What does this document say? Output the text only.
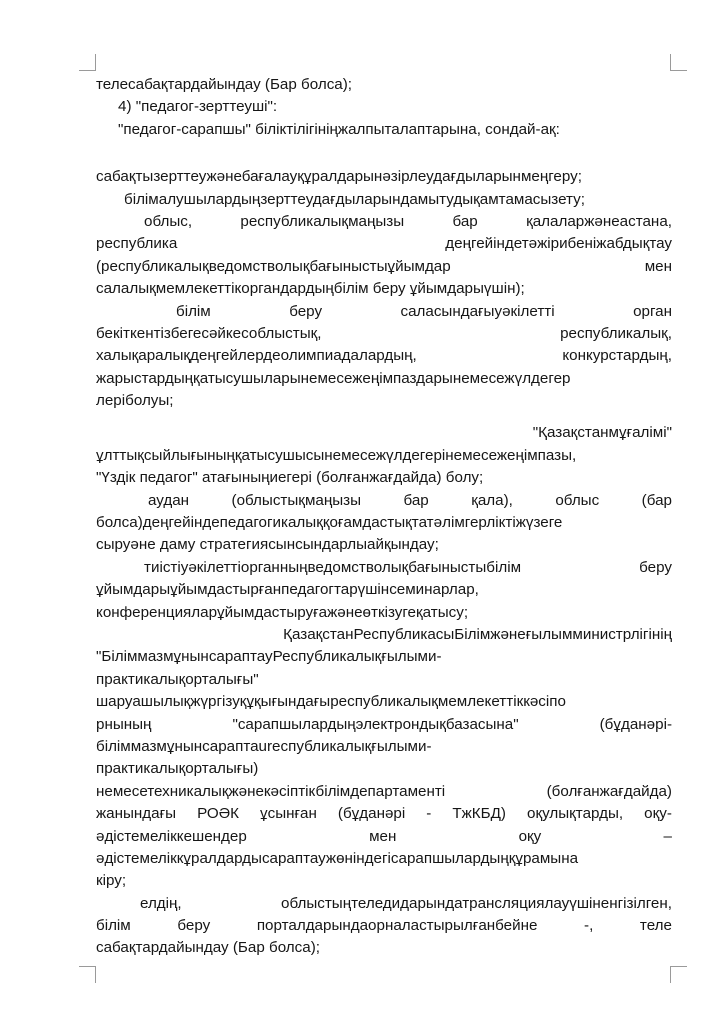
телесабақтардайындау (Бар болса);
4) "педагог-зерттеуші":
"педагог-сарапшы" біліктілігініңжалпыталаптарына, сондай-ақ:
сабақтызерттеужәнебағалауқұралдарынәзірлеудағдыларынмеңгеру;
білімалушылардыңзерттеудағдыларындамытудықамтамасызету;
облыс,	республикалықмаңызы	бар	қалаларжәнеастана,
республика	деңгейіндетәжірибеніжабдықтау
(республикалықведомстволықбағыныстыұйымдар	мен
салалықмемлекеттікоргандардыңбілім беру ұйымдарыүшін);
білім	беру	саласындағыуәкілетті	орган
бекіткентізбегесәйкесоблыстық,	республикалық,
халықаралықдеңгейлердеолимпиадалардың,	конкурстардың,
жарыстардыңқатысушыларынемесежеңімпаздарынемесежүлдегер
леріболуы;
"Қазақстанмұғалімі"
ұлттықсыйлығыныңқатысушысынемесежүлдегерінемесежеңімпазы,
"Үздік педагог" атағыныңиегері (болғанжағдайда) болу;
аудан	(облыстықмаңызы	бар	қала),	облыс	(бар
болса)деңгейіндепедагогикалыққоғамдастықтатәлімгерліктіжүзеге
сыруәне даму стратегиясынсындарлыайқындау;
тиістіуәкілеттіорганныңведомстволықбағыныстыбілім	беру
ұйымдарыұйымдастырғанпедагогтарүшінсеминарлар,
конференцияларұйымдастыруғажәнеөткізугеқатысу;
ҚазақстанРеспубликасыБілімжәнеғылымминистрлігінің
"БіліммазмұнынсараптауРеспубликалықғылыми-
практикалықорталығы"
шаруашылықжүргізуқұқығындағыреспубликалықмемлекеттіккәсіпо
рнының	"сарапшылардыңэлектрондықбазасына"	(бұданәрі-
біліммазмұнынсараптаureспубликалықғылыми-
практикалықорталығы)
немесетехникалықжәнекәсіптікбілімдепартаменті	(болғанжағдайда)
жанындағы РОӘК ұсынған (бұданәрі - ТжКБД) оқулықтарды, оқу-
әдістемеліккешендер	мен	оқу	–
әдістемеліккұралдардысараптаужөніндегісарапшылардыңқұрамына
кіру;
елдің,	облыстыңтеледидарындатрансляциялауүшіненгізілген,
білім	беру	порталдарындаорналастырылғанбейне	-,	теле
сабақтардайындау (Бар болса);
